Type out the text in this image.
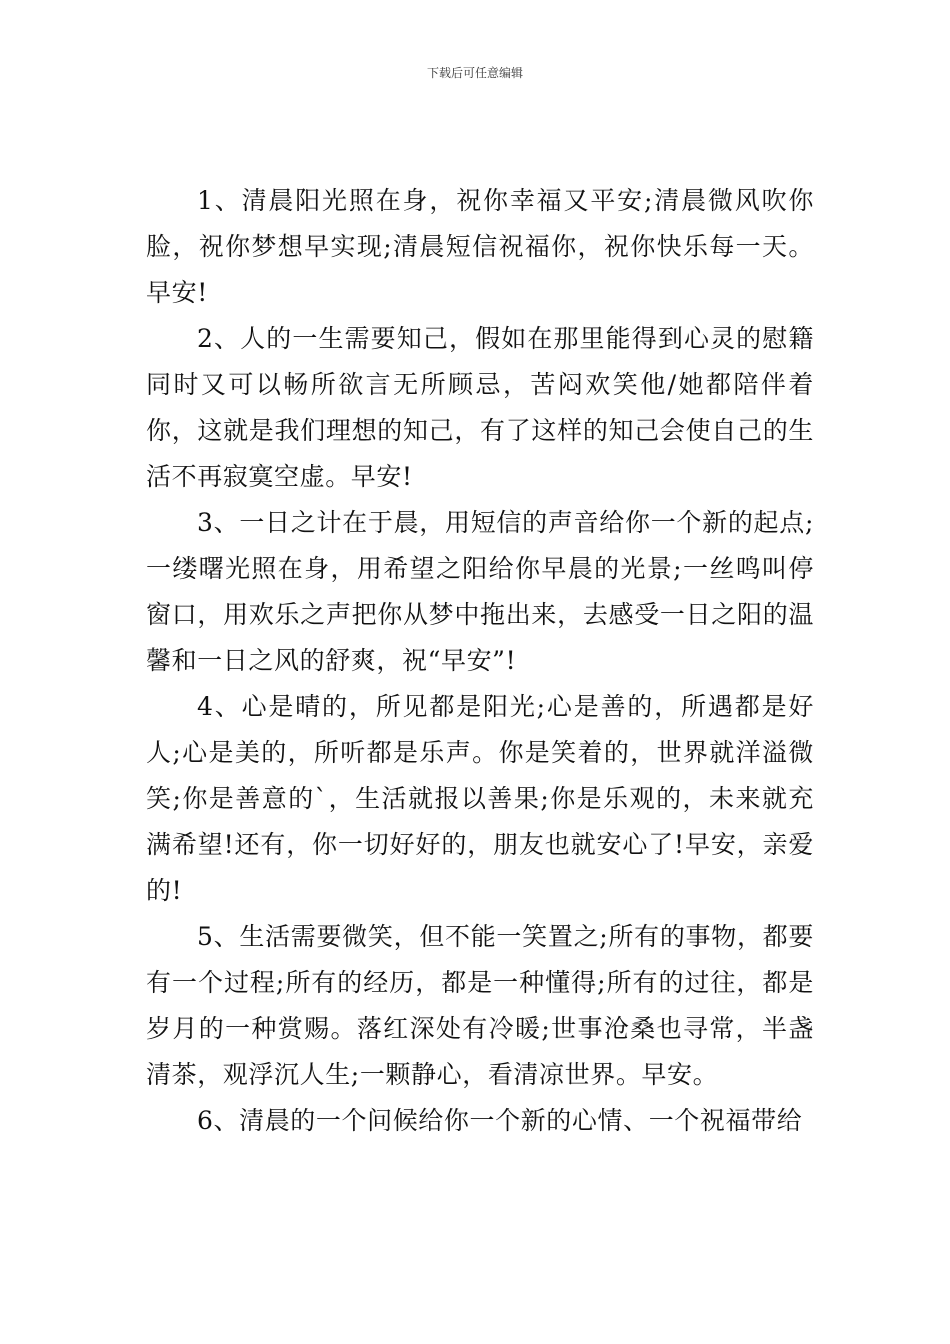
下载后可任意编辑

1、清晨阳光照在身，祝你幸福又平安;清晨微风吹你脸，祝你梦想早实现;清晨短信祝福你，祝你快乐每一天。早安!

2、人的一生需要知己，假如在那里能得到心灵的慰籍同时又可以畅所欲言无所顾忌，苦闷欢笑他/她都陪伴着你，这就是我们理想的知己，有了这样的知己会使自己的生活不再寂寞空虚。早安!

3、一日之计在于晨，用短信的声音给你一个新的起点;一缕曙光照在身，用希望之阳给你早晨的光景;一丝鸣叫停窗口，用欢乐之声把你从梦中拖出来，去感受一日之阳的温馨和一日之风的舒爽，祝“早安”!

4、心是晴的，所见都是阳光;心是善的，所遇都是好人;心是美的，所听都是乐声。你是笑着的，世界就洋溢微笑;你是善意的`，生活就报以善果;你是乐观的，未来就充满希望!还有，你一切好好的，朋友也就安心了!早安，亲爱的!

5、生活需要微笑，但不能一笑置之;所有的事物，都要有一个过程;所有的经历，都是一种懂得;所有的过往，都是岁月的一种赏赐。落红深处有冷暖;世事沧桑也寻常，半盏清茶，观浮沉人生;一颗静心，看清凉世界。早安。

6、清晨的一个问候给你一个新的心情、一个祝福带给
